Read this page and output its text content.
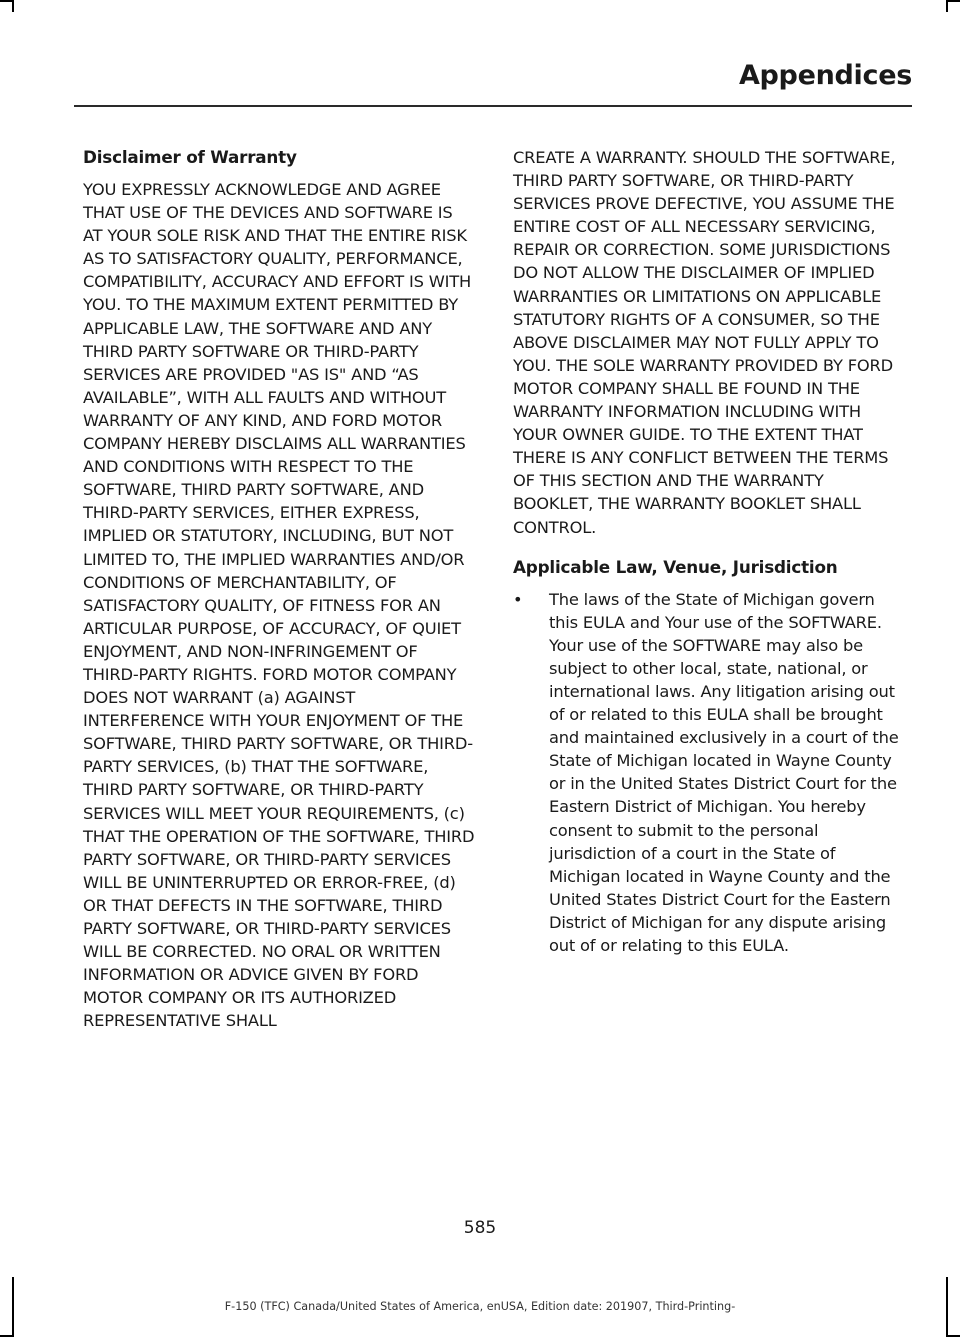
Appendices
Disclaimer of Warranty

YOU EXPRESSLY ACKNOWLEDGE AND AGREE THAT USE OF THE DEVICES AND SOFTWARE IS AT YOUR SOLE RISK AND THAT THE ENTIRE RISK AS TO SATISFACTORY QUALITY, PERFORMANCE, COMPATIBILITY, ACCURACY AND EFFORT IS WITH YOU. TO THE MAXIMUM EXTENT PERMITTED BY APPLICABLE LAW, THE SOFTWARE AND ANY THIRD PARTY SOFTWARE OR THIRD-PARTY SERVICES ARE PROVIDED "AS IS" AND “AS AVAILABLE”, WITH ALL FAULTS AND WITHOUT WARRANTY OF ANY KIND, AND FORD MOTOR COMPANY HEREBY DISCLAIMS ALL WARRANTIES AND CONDITIONS WITH RESPECT TO THE SOFTWARE, THIRD PARTY SOFTWARE, AND THIRD-PARTY SERVICES, EITHER EXPRESS, IMPLIED OR STATUTORY, INCLUDING, BUT NOT LIMITED TO, THE IMPLIED WARRANTIES AND/OR CONDITIONS OF MERCHANTABILITY, OF SATISFACTORY QUALITY, OF FITNESS FOR AN ARTICULAR PURPOSE, OF ACCURACY, OF QUIET ENJOYMENT, AND NON-INFRINGEMENT OF THIRD-PARTY RIGHTS. FORD MOTOR COMPANY DOES NOT WARRANT (a) AGAINST INTERFERENCE WITH YOUR ENJOYMENT OF THE SOFTWARE, THIRD PARTY SOFTWARE, OR THIRD-PARTY SERVICES, (b) THAT THE SOFTWARE, THIRD PARTY SOFTWARE, OR THIRD-PARTY SERVICES WILL MEET YOUR REQUIREMENTS, (c) THAT THE OPERATION OF THE SOFTWARE, THIRD PARTY SOFTWARE, OR THIRD-PARTY SERVICES WILL BE UNINTERRUPTED OR ERROR-FREE, (d) OR THAT DEFECTS IN THE SOFTWARE, THIRD PARTY SOFTWARE, OR THIRD-PARTY SERVICES WILL BE CORRECTED. NO ORAL OR WRITTEN INFORMATION OR ADVICE GIVEN BY FORD MOTOR COMPANY OR ITS AUTHORIZED REPRESENTATIVE SHALL

CREATE A WARRANTY. SHOULD THE SOFTWARE, THIRD PARTY SOFTWARE, OR THIRD-PARTY SERVICES PROVE DEFECTIVE, YOU ASSUME THE ENTIRE COST OF ALL NECESSARY SERVICING, REPAIR OR CORRECTION. SOME JURISDICTIONS DO NOT ALLOW THE DISCLAIMER OF IMPLIED WARRANTIES OR LIMITATIONS ON APPLICABLE STATUTORY RIGHTS OF A CONSUMER, SO THE ABOVE DISCLAIMER MAY NOT FULLY APPLY TO YOU. THE SOLE WARRANTY PROVIDED BY FORD MOTOR COMPANY SHALL BE FOUND IN THE WARRANTY INFORMATION INCLUDING WITH YOUR OWNER GUIDE. TO THE EXTENT THAT THERE IS ANY CONFLICT BETWEEN THE TERMS OF THIS SECTION AND THE WARRANTY BOOKLET, THE WARRANTY BOOKLET SHALL CONTROL.

Applicable Law, Venue, Jurisdiction
• The laws of the State of Michigan govern this EULA and Your use of the SOFTWARE. Your use of the SOFTWARE may also be subject to other local, state, national, or international laws. Any litigation arising out of or related to this EULA shall be brought and maintained exclusively in a court of the State of Michigan located in Wayne County or in the United States District Court for the Eastern District of Michigan. You hereby consent to submit to the personal jurisdiction of a court in the State of Michigan located in Wayne County and the United States District Court for the Eastern District of Michigan for any dispute arising out of or relating to this EULA.
585
F-150 (TFC) Canada/United States of America, enUSA, Edition date: 201907, Third-Printing-
